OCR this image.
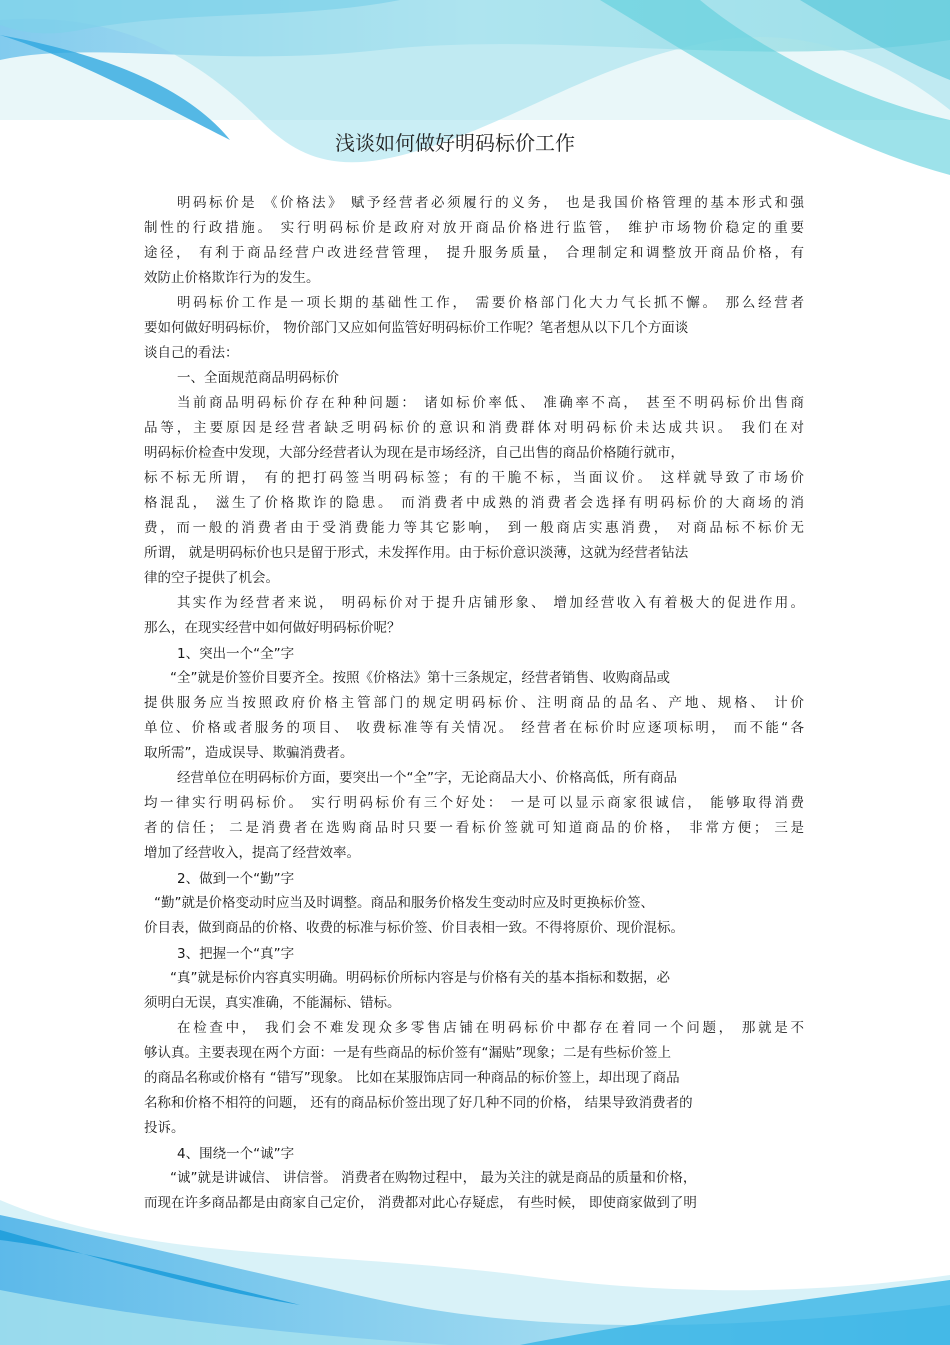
浅谈如何做好明码标价工作
明码标价是 《价格法》 赋予经营者必须履行的义务， 也是我国价格管理的基本形式和强
制性的行政措施。 实行明码标价是政府对放开商品价格进行监管， 维护市场物价稳定的重要
途径， 有利于商品经营户改进经营管理， 提升服务质量， 合理制定和调整放开商品价格，有
效防止价格欺诈行为的发生。
明码标价工作是一项长期的基础性工作， 需要价格部门化大力气长抓不懈。 那么经营者
要如何做好明码标价， 物价部门又应如何监管好明码标价工作呢？笔者想从以下几个方面谈
谈自己的看法：
一、全面规范商品明码标价
当前商品明码标价存在种种问题： 诸如标价率低、 准确率不高， 甚至不明码标价出售商
品等，主要原因是经营者缺乏明码标价的意识和消费群体对明码标价未达成共识。 我们在对
明码标价检查中发现，大部分经营者认为现在是市场经济，自己出售的商品价格随行就市，
标不标无所谓， 有的把打码签当明码标签；有的干脆不标，当面议价。 这样就导致了市场价
格混乱， 滋生了价格欺诈的隐患。 而消费者中成熟的消费者会选择有明码标价的大商场的消
费，而一般的消费者由于受消费能力等其它影响， 到一般商店实惠消费， 对商品标不标价无
所谓， 就是明码标价也只是留于形式，未发挥作用。由于标价意识淡薄，这就为经营者钻法
律的空子提供了机会。
其实作为经营者来说， 明码标价对于提升店铺形象、 增加经营收入有着极大的促进作用。
那么，在现实经营中如何做好明码标价呢？
1、突出一个“全”字
“全”就是价签价目要齐全。按照《价格法》第十三条规定，经营者销售、收购商品或
提供服务应当按照政府价格主管部门的规定明码标价、注明商品的品名、产地、规格、 计价
单位、价格或者服务的项目、 收费标准等有关情况。 经营者在标价时应逐项标明， 而不能“各
取所需”，造成误导、欺骗消费者。
经营单位在明码标价方面，要突出一个“全”字，无论商品大小、价格高低，所有商品
均一律实行明码标价。 实行明码标价有三个好处： 一是可以显示商家很诚信， 能够取得消费
者的信任； 二是消费者在选购商品时只要一看标价签就可知道商品的价格， 非常方便； 三是
增加了经营收入，提高了经营效率。
2、做到一个“勤”字
“勤”就是价格变动时应当及时调整。商品和服务价格发生变动时应及时更换标价签、
价目表，做到商品的价格、收费的标准与标价签、价目表相一致。不得将原价、现价混标。
3、把握一个“真”字
“真”就是标价内容真实明确。明码标价所标内容是与价格有关的基本指标和数据，必
须明白无误，真实准确，不能漏标、错标。
在检查中， 我们会不难发现众多零售店铺在明码标价中都存在着同一个问题， 那就是不
够认真。主要表现在两个方面：一是有些商品的标价签有“漏贴”现象；二是有些标价签上
的商品名称或价格有 “错写”现象。 比如在某服饰店同一种商品的标价签上，却出现了商品
名称和价格不相符的问题， 还有的商品标价签出现了好几种不同的价格， 结果导致消费者的
投诉。
4、围绕一个“诚”字
“诚”就是讲诚信、 讲信誉。 消费者在购物过程中， 最为关注的就是商品的质量和价格，
而现在许多商品都是由商家自己定价， 消费都对此心存疑虑， 有些时候， 即使商家做到了明
